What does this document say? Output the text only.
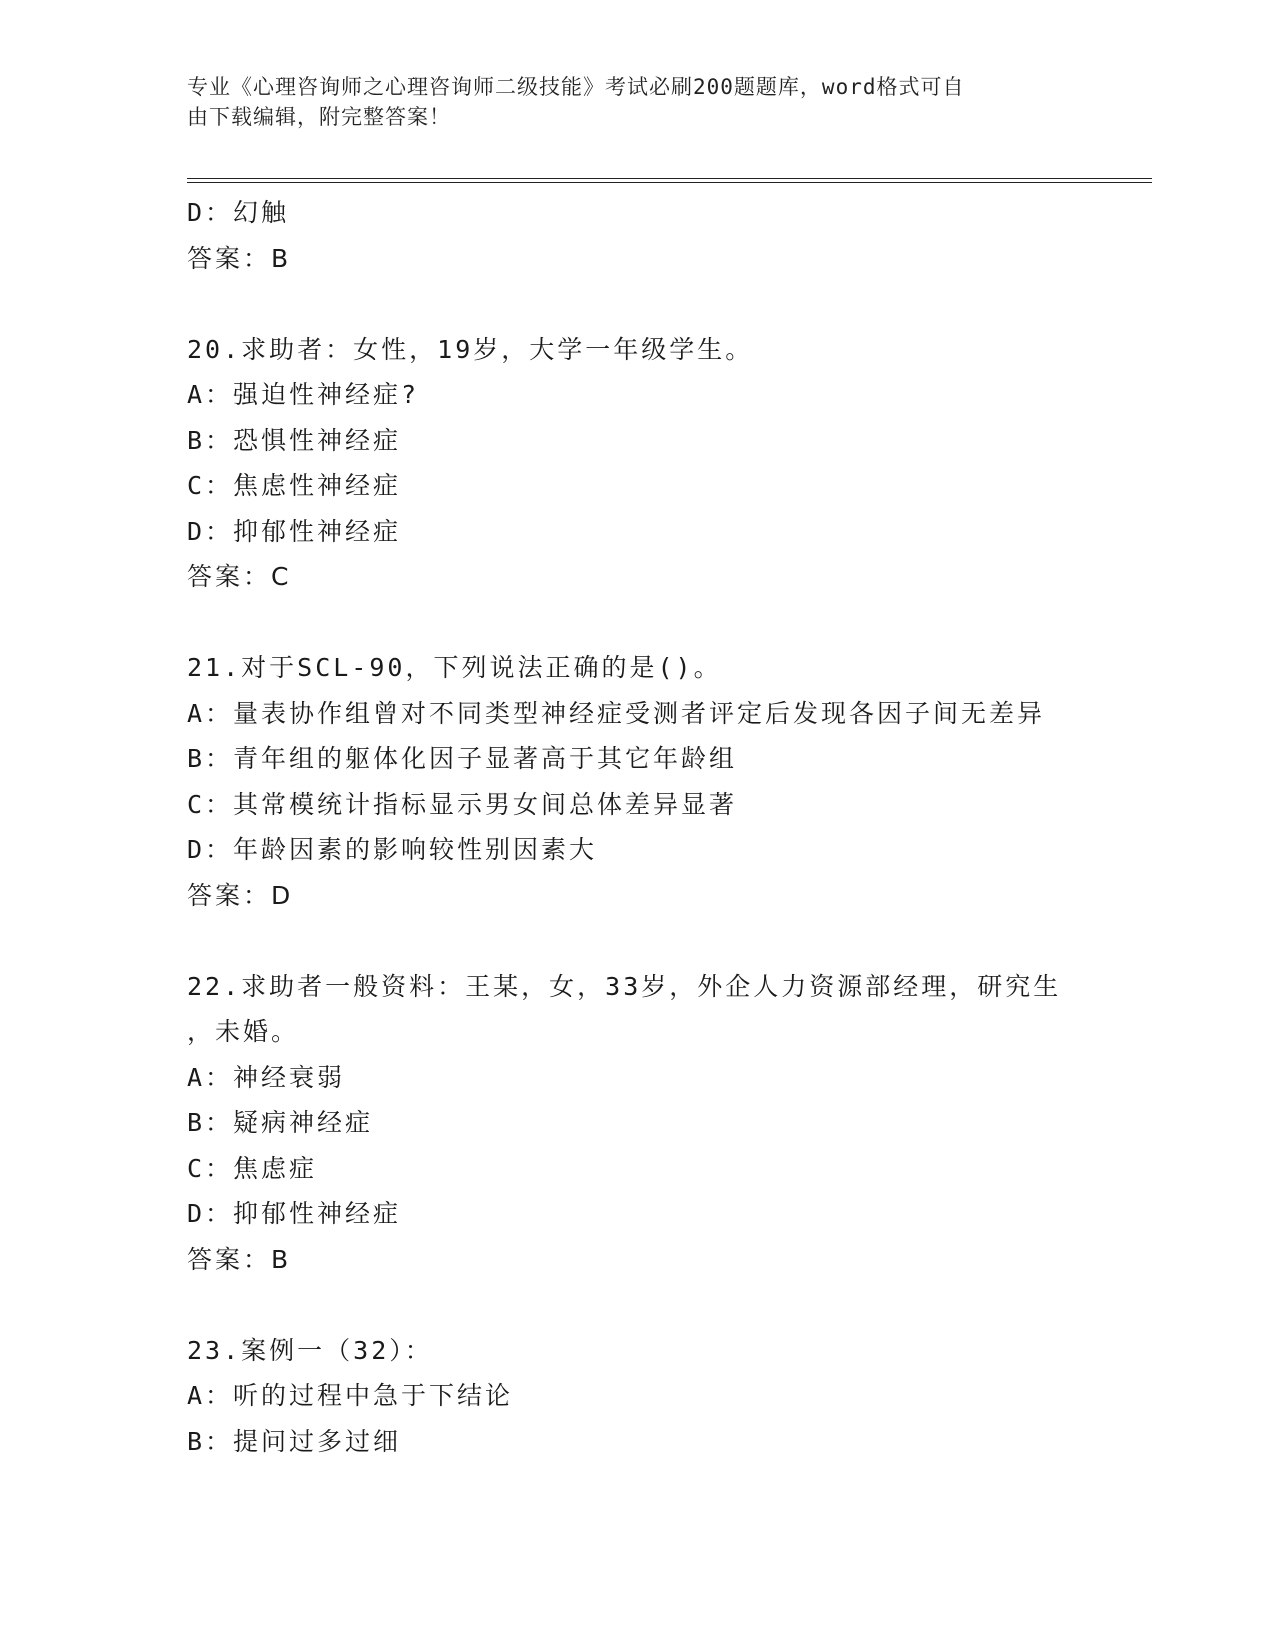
专业《心理咨询师之心理咨询师二级技能》考试必刷200题题库，word格式可自
由下载编辑，附完整答案！
D：幻触
答案：B
20.求助者：女性，19岁，大学一年级学生。
A：强迫性神经症?
B：恐惧性神经症
C：焦虑性神经症
D：抑郁性神经症
答案：C
21.对于SCL-90，下列说法正确的是()。
A：量表协作组曾对不同类型神经症受测者评定后发现各因子间无差异
B：青年组的躯体化因子显著高于其它年龄组
C：其常模统计指标显示男女间总体差异显著
D：年龄因素的影响较性别因素大
答案：D
22.求助者一般资料：王某，女，33岁，外企人力资源部经理，研究生
，未婚。
A：神经衰弱
B：疑病神经症
C：焦虑症
D：抑郁性神经症
答案：B
23.案例一（32）：
A：听的过程中急于下结论
B：提问过多过细
